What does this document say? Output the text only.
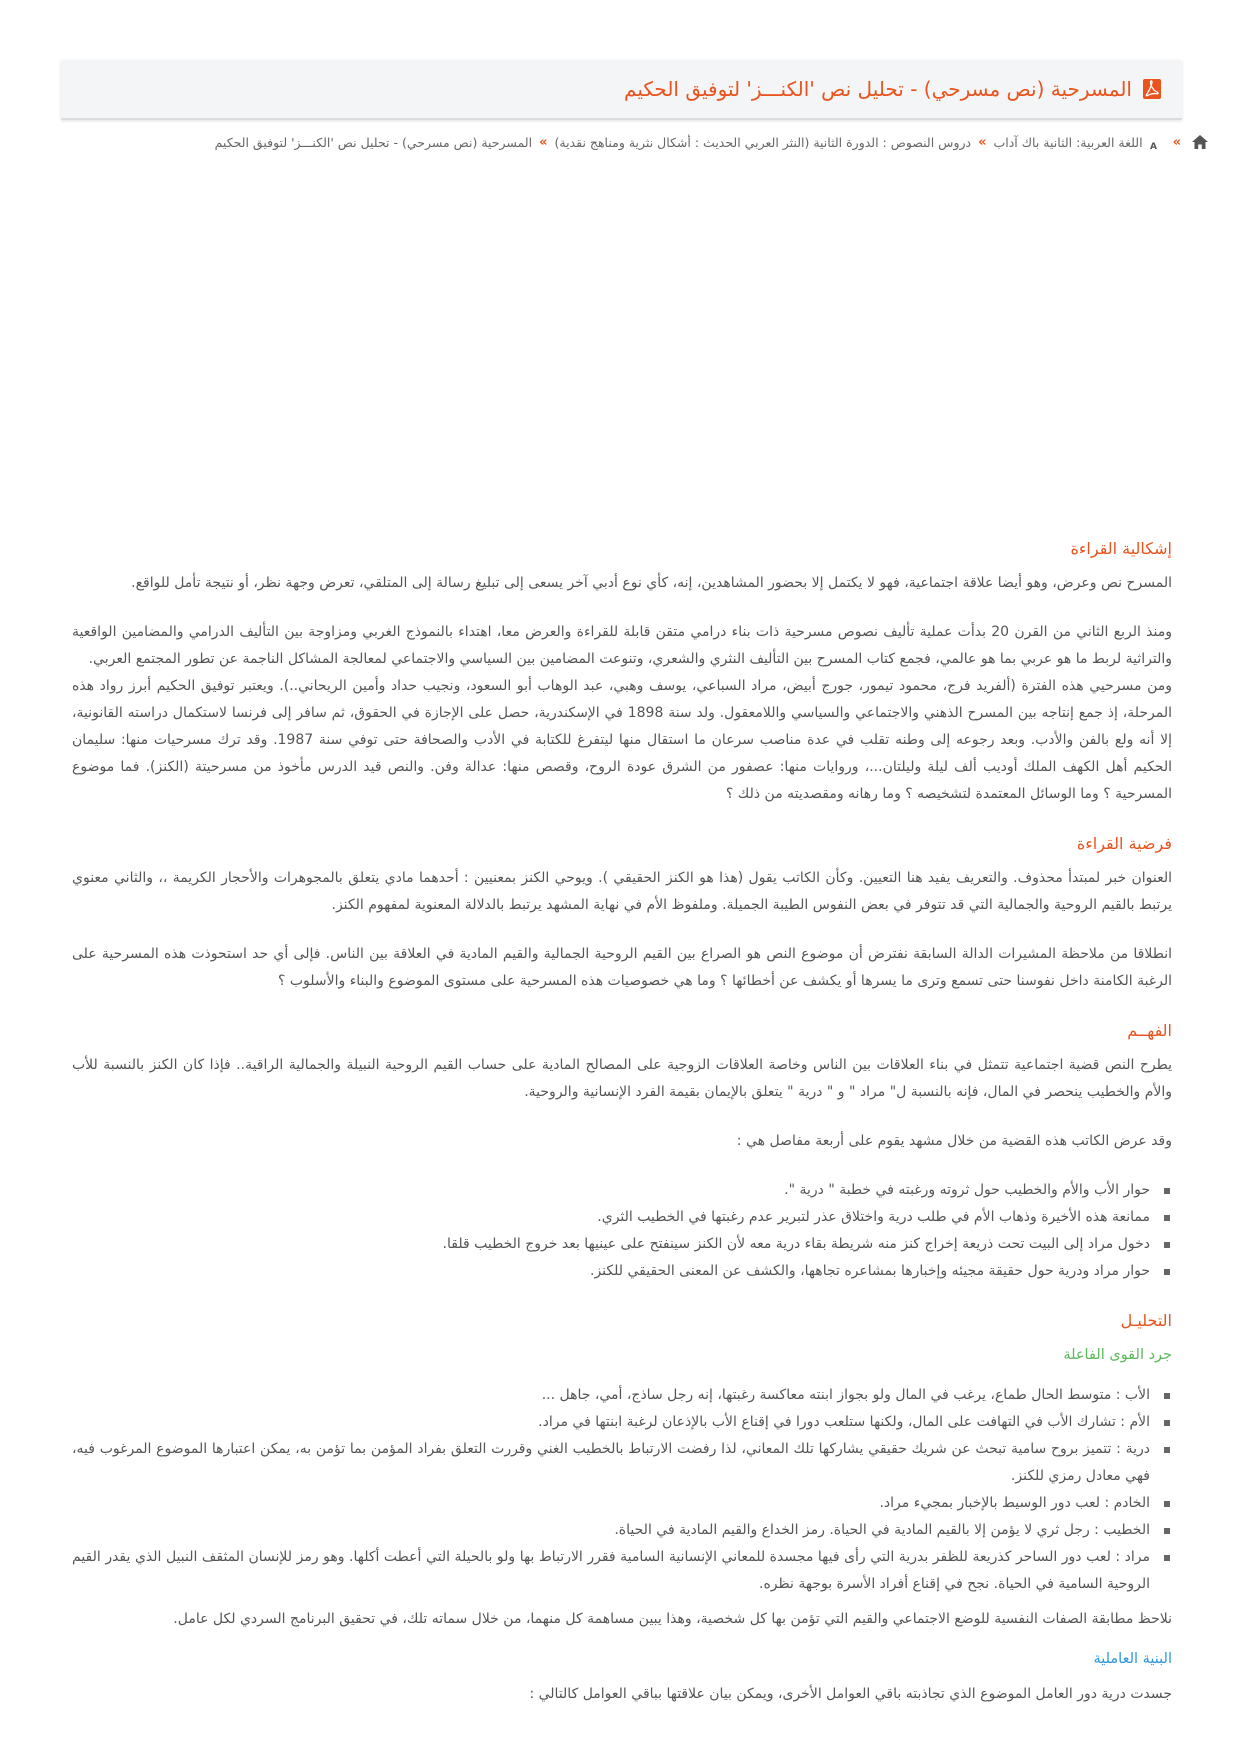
المسرحية (نص مسرحي) - تحليل نص 'الكنـــز' لتوفيق الحكيم
»
A
اللغة العربية: الثانية باك آداب
»
دروس النصوص : الدورة الثانية (النثر العربي الحديث : أشكال نثرية ومناهج نقدية)
»
المسرحية (نص مسرحي) - تحليل نص 'الكنـــز' لتوفيق الحكيم
إشكالية القراءة

المسرح نص وعرض، وهو أيضا علاقة اجتماعية، فهو لا يكتمل إلا بحضور المشاهدين، إنه، كأي نوع أدبي آخر يسعى إلى تبليغ رسالة إلى المتلقي، تعرض وجهة نظر، أو نتيجة تأمل للواقع.

ومنذ الربع الثاني من القرن 20 بدأت عملية تأليف نصوص مسرحية ذات بناء درامي متقن قابلة للقراءة والعرض معا، اهتداء بالنموذج الغربي ومزاوجة بين التأليف الدرامي والمضامين الواقعية والتراثية لربط ما هو عربي بما هو عالمي، فجمع كتاب المسرح بين التأليف النثري والشعري، وتنوعت المضامين بين السياسي والاجتماعي لمعالجة المشاكل الناجمة عن تطور المجتمع العربي.

ومن مسرحيي هذه الفترة (ألفريد فرج، محمود تيمور، جورج أبيض، مراد السباعي، يوسف وهبي، عبد الوهاب أبو السعود، ونجيب حداد وأمين الريحاني..). ويعتبر توفيق الحكيم أبرز رواد هذه المرحلة، إذ جمع إنتاجه بين المسرح الذهني والاجتماعي والسياسي واللامعقول. ولد سنة 1898 في الإسكندرية، حصل على الإجازة في الحقوق، ثم سافر إلى فرنسا لاستكمال دراسته القانونية، إلا أنه ولع بالفن والأدب. وبعد رجوعه إلى وطنه تقلب في عدة مناصب سرعان ما استقال منها ليتفرغ للكتابة في الأدب والصحافة حتى توفي سنة 1987. وقد ترك مسرحيات منها: سليمان الحكيم أهل الكهف الملك أوديب ألف ليلة وليلتان...، وروايات منها: عصفور من الشرق عودة الروح، وقصص منها: عدالة وفن. والنص قيد الدرس مأخوذ من مسرحيتة (الكنز). فما موضوع المسرحية ؟ وما الوسائل المعتمدة لتشخيصه ؟ وما رهانه ومقصديته من ذلك ؟

فرضية القراءة

العنوان خبر لمبتدأ محذوف. والتعريف يفيد هنا التعيين. وكأن الكاتب يقول (هذا هو الكنز الحقيقي ). ويوحي الكنز بمعنيين : أحدهما مادي يتعلق بالمجوهرات والأحجار الكريمة ،، والثاني معنوي يرتبط بالقيم الروحية والجمالية التي قد تتوفر في بعض النفوس الطيبة الجميلة. وملفوظ الأم في نهاية المشهد يرتبط بالدلالة المعنوية لمفهوم الكنز.

انطلاقا من ملاحظة المشيرات الدالة السابقة نفترض أن موضوع النص هو الصراع بين القيم الروحية الجمالية والقيم المادية في العلاقة بين الناس. فإلى أي حد استحوذت هذه المسرحية على الرغبة الكامنة داخل نفوسنا حتى تسمع وترى ما يسرها أو يكشف عن أخطائها ؟ وما هي خصوصيات هذه المسرحية على مستوى الموضوع والبناء والأسلوب ؟

الفهــم

يطرح النص قضية اجتماعية تتمثل في بناء العلاقات بين الناس وخاصة العلاقات الزوجية على المصالح المادية على حساب القيم الروحية النبيلة والجمالية الراقية.. فإذا كان الكنز بالنسبة للأب والأم والخطيب ينحصر في المال، فإنه بالنسبة ل" مراد " و " درية " يتعلق بالإيمان بقيمة الفرد الإنسانية والروحية.

وقد عرض الكاتب هذه القضية من خلال مشهد يقوم على أربعة مفاصل هي :

حوار الأب والأم والخطيب حول ثروته ورغبته في خطبة " درية ".
ممانعة هذه الأخيرة وذهاب الأم في طلب درية واختلاق عذر لتبرير عدم رغبتها في الخطيب الثري.
دخول مراد إلى البيت تحت ذريعة إخراج كنز منه شريطة بقاء درية معه لأن الكنز سينفتح على عينيها بعد خروج الخطيب قلقا.
حوار مراد ودرية حول حقيقة مجيئه وإخبارها بمشاعره تجاهها، والكشف عن المعنى الحقيقي للكنز.
التحليـل
جرد القوى الفاعلة
الأب : متوسط الحال طماع، يرغب في المال ولو بجواز ابنته معاكسة رغبتها، إنه رجل ساذج، أمي، جاهل ...
الأم : تشارك الأب في التهافت على المال، ولكنها ستلعب دورا في إقناع الأب بالإذعان لرغبة ابنتها في مراد.
درية : تتميز بروح سامية تبحث عن شريك حقيقي يشاركها تلك المعاني، لذا رفضت الارتباط بالخطيب الغني وقررت التعلق بفراد المؤمن بما تؤمن به، يمكن اعتبارها الموضوع المرغوب فيه، فهي معادل رمزي للكنز.
الخادم : لعب دور الوسيط بالإخبار بمجيء مراد.
الخطيب : رجل ثري لا يؤمن إلا بالقيم المادية في الحياة. رمز الخداع والقيم المادية في الحياة.
مراد : لعب دور الساحر كذريعة للظفر بدرية التي رأى فيها مجسدة للمعاني الإنسانية السامية فقرر الارتباط بها ولو بالحيلة التي أعطت أكلها. وهو رمز للإنسان المثقف النبيل الذي يقدر القيم الروحية السامية في الحياة. نجح في إقناع أفراد الأسرة بوجهة نظره.

نلاحظ مطابقة الصفات النفسية للوضع الاجتماعي والقيم التي تؤمن بها كل شخصية، وهذا يبين مساهمة كل منهما، من خلال سماته تلك، في تحقيق البرنامج السردي لكل عامل.

البنية العاملية

جسدت درية دور العامل الموضوع الذي تجاذبته باقي العوامل الأخرى، ويمكن بيان علاقتها بباقي العوامل كالتالي :
